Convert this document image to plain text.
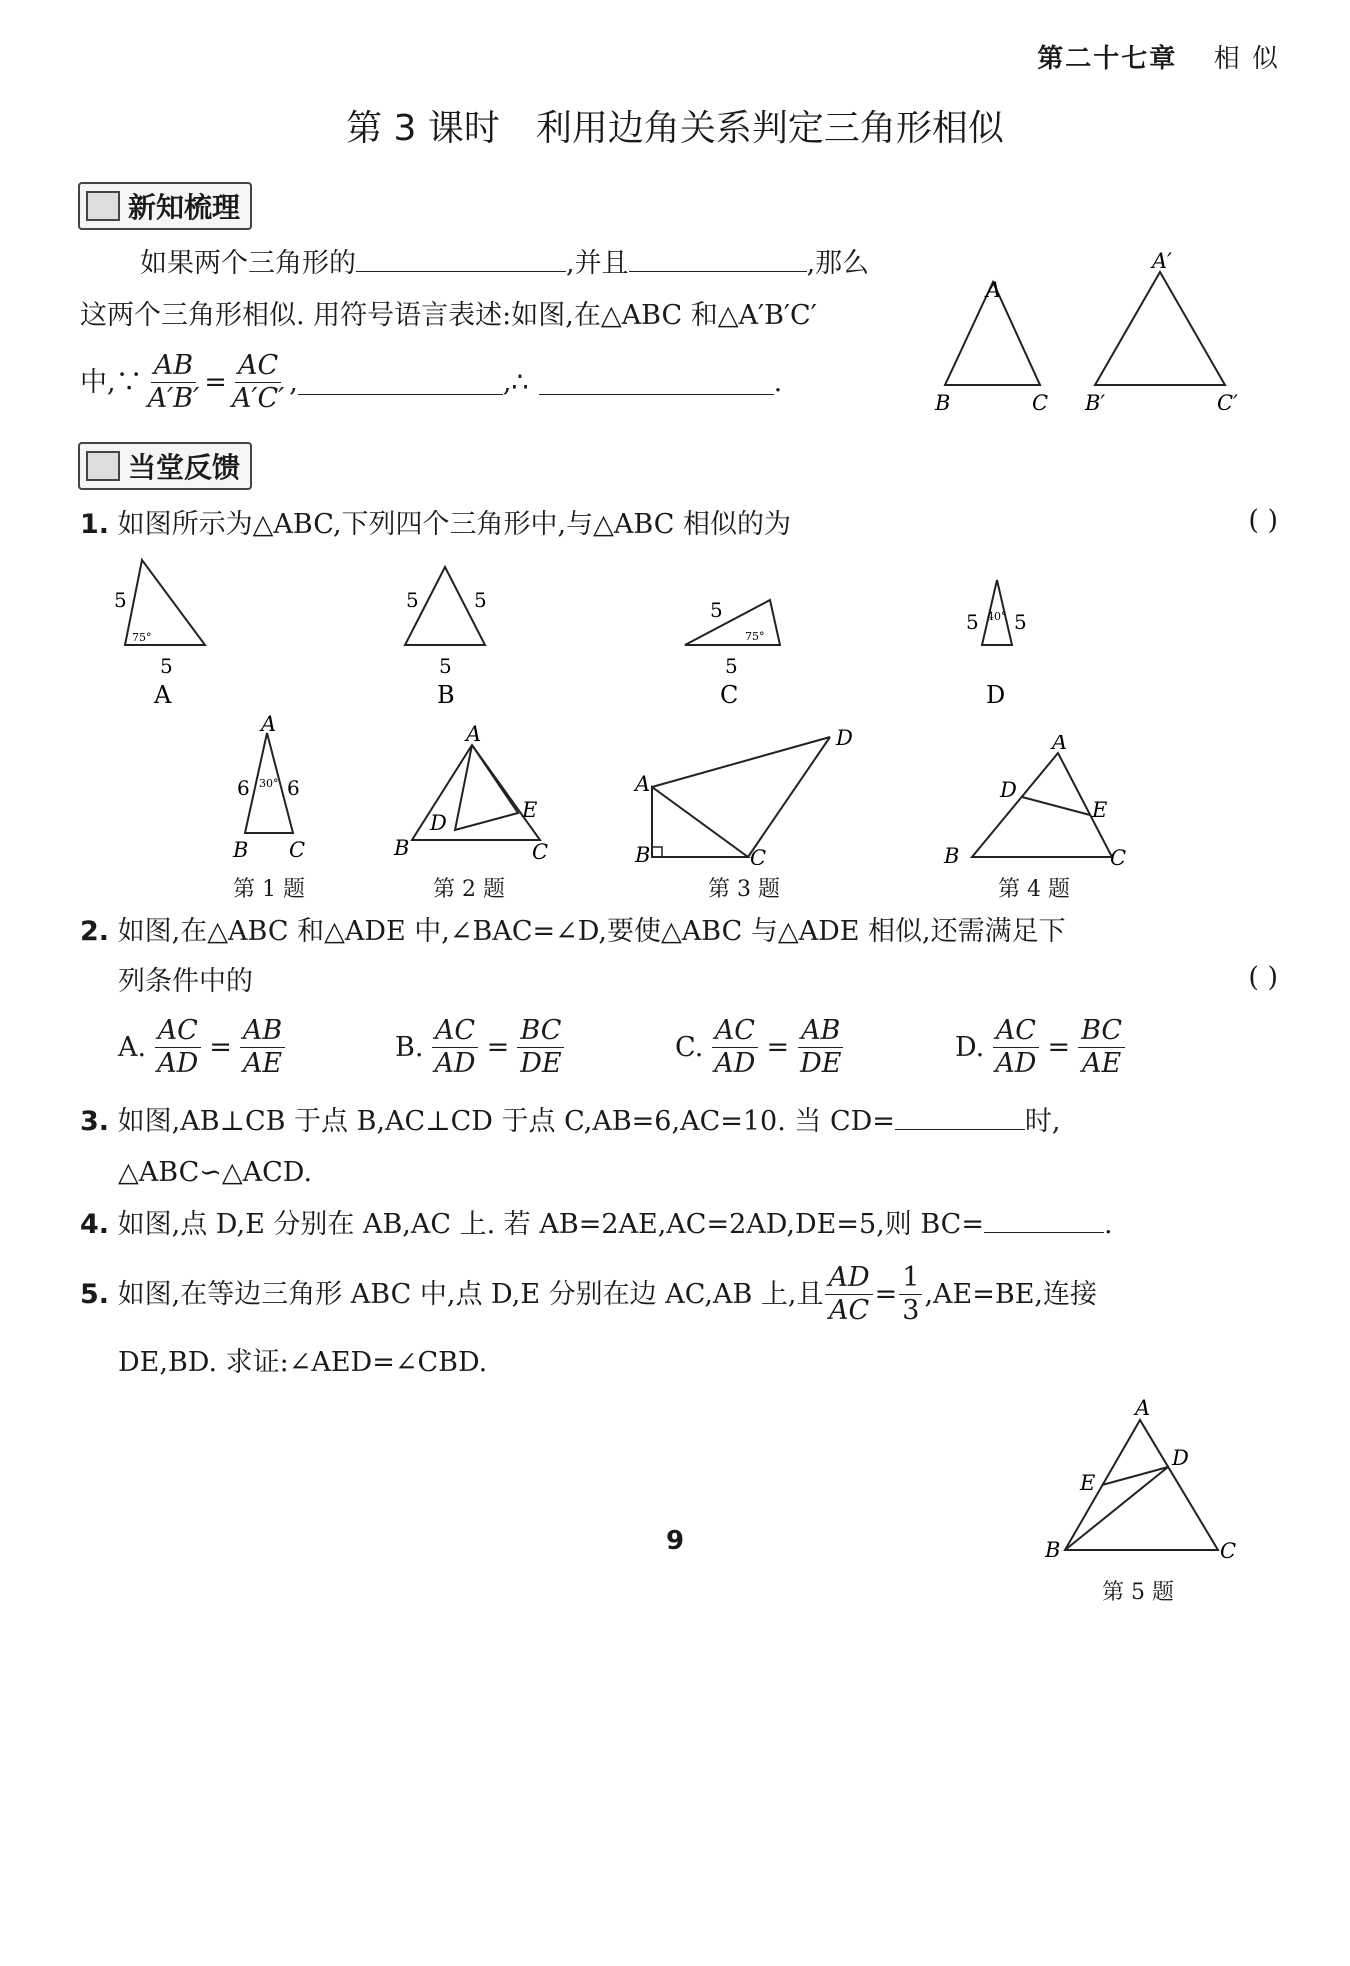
第二十七章 相 似
第 3 课时 利用边角关系判定三角形相似
新知梳理
如果两个三角形的	,并且	,那么
这两个三角形相似. 用符号语言表述:如图,在△ABC 和△A′B′C′
中,∵ $\frac{AB}{A'B'} = \frac{AC}{A'C'}$ ,	,∴	.
A
B	C
A′
B′	C′
当堂反馈
1. 如图所示为△ABC,下列四个三角形中,与△ABC 相似的为	( )
5
5
75°
A
5	5
5
B
5
5
75°
C
5 5
40°
D
A
B C
6 6
30°
A
B	C
D
E
A
B	C
D	A
B	C
D
E
第 1 题	第 2 题	第 3 题	第 4 题
2. 如图,在△ABC 和△ADE 中,∠BAC=∠D,要使△ABC 与△ADE 相似,还需满足下
列条件中的	( )
A. $\frac{AC}{AD} = \frac{AB}{AE}$	B. $\frac{AC}{AD} = \frac{BC}{DE}$	C. $\frac{AC}{AD} = \frac{AB}{DE}$	D. $\frac{AC}{AD} = \frac{BC}{AE}$
3. 如图,AB⊥CB 于点 B,AC⊥CD 于点 C,AB=6,AC=10. 当 CD=	时,
△ABC∽△ACD.
4. 如图,点 D,E 分别在 AB,AC 上. 若 AB=2AE,AC=2AD,DE=5,则 BC=	.
5.
如图,在等边三角形 ABC 中,点 D,E 分别在边 AC,AB 上,且 $\frac{AD}{AC} = \frac{1}{3} ,AE=BE$,连接
DE,BD. 求证:∠AED=∠CBD.
A
B	C
D
E
第 5 题
9
